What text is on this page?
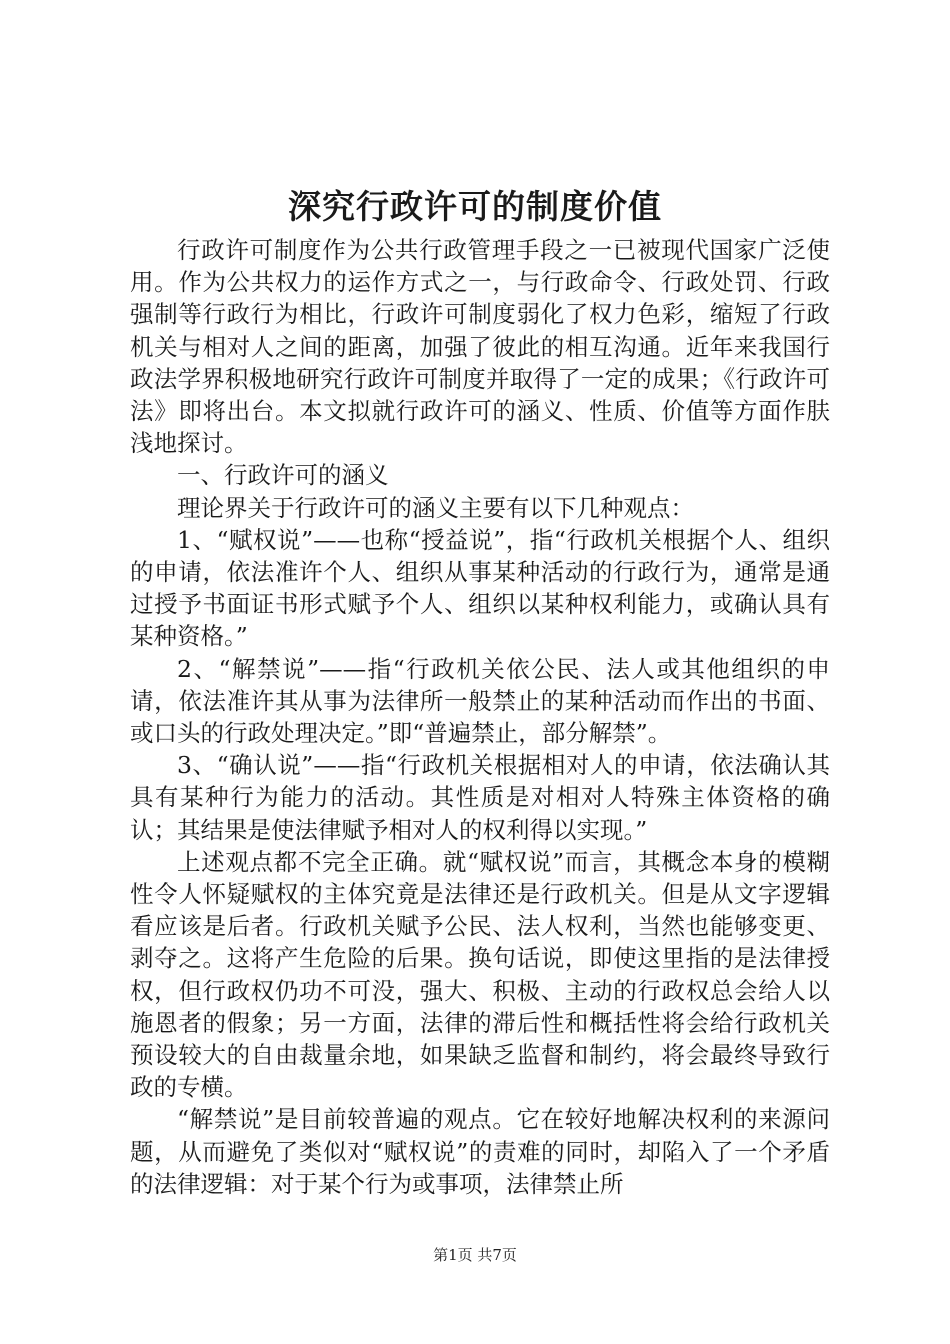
深究行政许可的制度价值

行政许可制度作为公共行政管理手段之一已被现代国家广泛使用。作为公共权力的运作方式之一，与行政命令、行政处罚、行政强制等行政行为相比，行政许可制度弱化了权力色彩，缩短了行政机关与相对人之间的距离，加强了彼此的相互沟通。近年来我国行政法学界积极地研究行政许可制度并取得了一定的成果；《行政许可法》即将出台。本文拟就行政许可的涵义、性质、价值等方面作肤浅地探讨。

一、行政许可的涵义

理论界关于行政许可的涵义主要有以下几种观点：

1、“赋权说”——也称“授益说”，指“行政机关根据个人、组织的申请，依法准许个人、组织从事某种活动的行政行为，通常是通过授予书面证书形式赋予个人、组织以某种权利能力，或确认具有某种资格。”

2、“解禁说”——指“行政机关依公民、法人或其他组织的申请，依法准许其从事为法律所一般禁止的某种活动而作出的书面、或口头的行政处理决定。”即“普遍禁止，部分解禁”。

3、“确认说”——指“行政机关根据相对人的申请，依法确认其具有某种行为能力的活动。其性质是对相对人特殊主体资格的确认；其结果是使法律赋予相对人的权利得以实现。”

上述观点都不完全正确。就“赋权说”而言，其概念本身的模糊性令人怀疑赋权的主体究竟是法律还是行政机关。但是从文字逻辑看应该是后者。行政机关赋予公民、法人权利，当然也能够变更、剥夺之。这将产生危险的后果。换句话说，即使这里指的是法律授权，但行政权仍功不可没，强大、积极、主动的行政权总会给人以施恩者的假象；另一方面，法律的滞后性和概括性将会给行政机关预设较大的自由裁量余地，如果缺乏监督和制约，将会最终导致行政的专横。

“解禁说”是目前较普遍的观点。它在较好地解决权利的来源问题，从而避免了类似对“赋权说”的责难的同时，却陷入了一个矛盾的法律逻辑：对于某个行为或事项，法律禁止所

第1页 共7页
